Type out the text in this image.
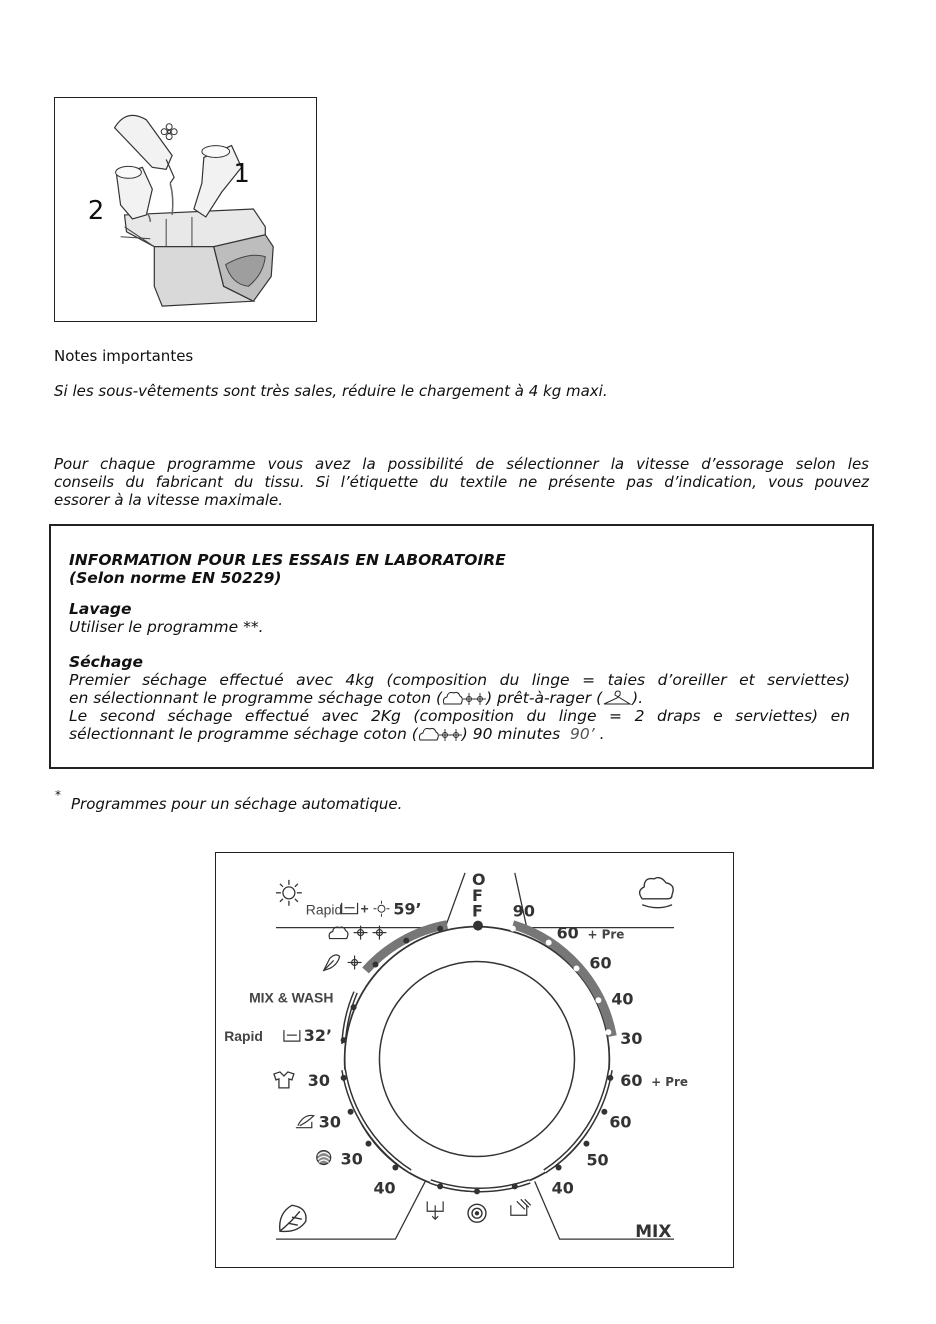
1
2
Notes importantes
Si les sous-vêtements sont très sales, réduire le chargement à 4 kg maxi.
Pour chaque programme vous avez la possibilité de sélectionner la vitesse d’essorage selon les
conseils du fabricant du tissu. Si l’étiquette du textile ne présente pas d’indication, vous pouvez
essorer à la vitesse maximale.
INFORMATION POUR LES ESSAIS EN LABORATOIRE
(Selon norme EN 50229)
Lavage
Utiliser le programme **.
Séchage
Premier séchage effectué avec 4kg (composition du linge = taies d’oreiller et serviettes)
en sélectionnant le programme séchage coton (	) prêt-à-rager ( ).
Le second séchage effectué avec 2Kg (composition du linge = 2 draps e serviettes) en
sélectionnant le programme séchage coton (	) 90 minutes 90’ .
* Programmes pour un séchage automatique.
O
F
F
Rapid + 59’
MIX & WASH
Rapid	32’
30
30
30
40
90
60 + Pre
60
40
30
60 + Pre
60
50
40
MIX
